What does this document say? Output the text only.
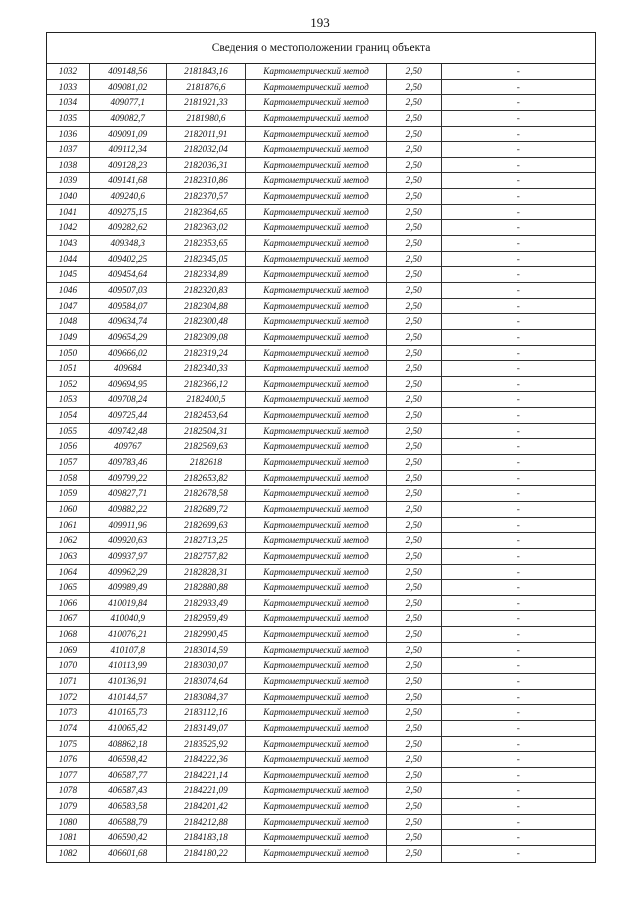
193
Сведения о местоположении границ объекта
1032	409148,56	2181843,16	Картометрический метод	2,50	-
1033	409081,02	2181876,6	Картометрический метод	2,50	-
1034	409077,1	2181921,33	Картометрический метод	2,50	-
1035	409082,7	2181980,6	Картометрический метод	2,50	-
1036	409091,09	2182011,91	Картометрический метод	2,50	-
1037	409112,34	2182032,04	Картометрический метод	2,50	-
1038	409128,23	2182036,31	Картометрический метод	2,50	-
1039	409141,68	2182310,86	Картометрический метод	2,50	-
1040	409240,6	2182370,57	Картометрический метод	2,50	-
1041	409275,15	2182364,65	Картометрический метод	2,50	-
1042	409282,62	2182363,02	Картометрический метод	2,50	-
1043	409348,3	2182353,65	Картометрический метод	2,50	-
1044	409402,25	2182345,05	Картометрический метод	2,50	-
1045	409454,64	2182334,89	Картометрический метод	2,50	-
1046	409507,03	2182320,83	Картометрический метод	2,50	-
1047	409584,07	2182304,88	Картометрический метод	2,50	-
1048	409634,74	2182300,48	Картометрический метод	2,50	-
1049	409654,29	2182309,08	Картометрический метод	2,50	-
1050	409666,02	2182319,24	Картометрический метод	2,50	-
1051	409684	2182340,33	Картометрический метод	2,50	-
1052	409694,95	2182366,12	Картометрический метод	2,50	-
1053	409708,24	2182400,5	Картометрический метод	2,50	-
1054	409725,44	2182453,64	Картометрический метод	2,50	-
1055	409742,48	2182504,31	Картометрический метод	2,50	-
1056	409767	2182569,63	Картометрический метод	2,50	-
1057	409783,46	2182618	Картометрический метод	2,50	-
1058	409799,22	2182653,82	Картометрический метод	2,50	-
1059	409827,71	2182678,58	Картометрический метод	2,50	-
1060	409882,22	2182689,72	Картометрический метод	2,50	-
1061	409911,96	2182699,63	Картометрический метод	2,50	-
1062	409920,63	2182713,25	Картометрический метод	2,50	-
1063	409937,97	2182757,82	Картометрический метод	2,50	-
1064	409962,29	2182828,31	Картометрический метод	2,50	-
1065	409989,49	2182880,88	Картометрический метод	2,50	-
1066	410019,84	2182933,49	Картометрический метод	2,50	-
1067	410040,9	2182959,49	Картометрический метод	2,50	-
1068	410076,21	2182990,45	Картометрический метод	2,50	-
1069	410107,8	2183014,59	Картометрический метод	2,50	-
1070	410113,99	2183030,07	Картометрический метод	2,50	-
1071	410136,91	2183074,64	Картометрический метод	2,50	-
1072	410144,57	2183084,37	Картометрический метод	2,50	-
1073	410165,73	2183112,16	Картометрический метод	2,50	-
1074	410065,42	2183149,07	Картометрический метод	2,50	-
1075	408862,18	2183525,92	Картометрический метод	2,50	-
1076	406598,42	2184222,36	Картометрический метод	2,50	-
1077	406587,77	2184221,14	Картометрический метод	2,50	-
1078	406587,43	2184221,09	Картометрический метод	2,50	-
1079	406583,58	2184201,42	Картометрический метод	2,50	-
1080	406588,79	2184212,88	Картометрический метод	2,50	-
1081	406590,42	2184183,18	Картометрический метод	2,50	-
1082	406601,68	2184180,22	Картометрический метод	2,50	-
